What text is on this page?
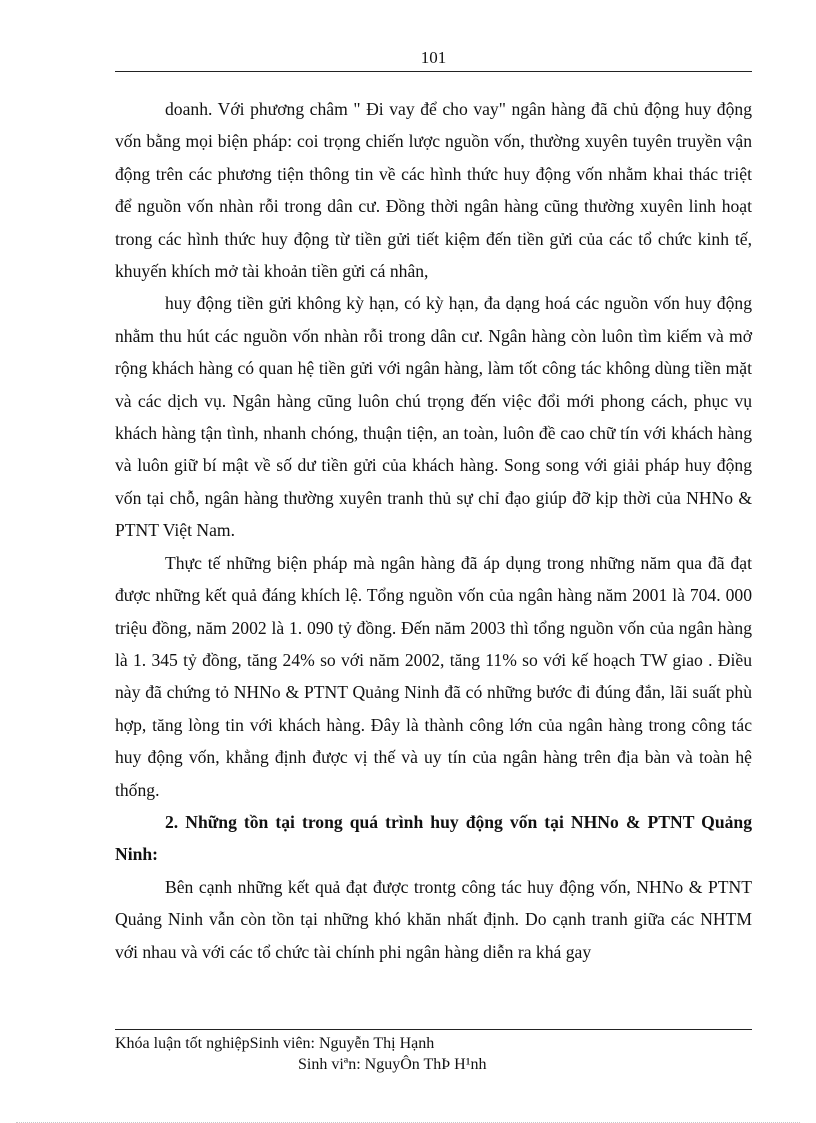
101

doanh. Với phương châm " Đi vay để cho vay" ngân hàng đã chủ động huy động vốn bằng mọi biện pháp: coi trọng chiến lược nguồn vốn, thường xuyên tuyên truyền vận động trên các phương tiện thông tin về các hình thức huy động vốn nhằm khai thác triệt để nguồn vốn nhàn rỗi trong dân cư. Đồng thời ngân hàng cũng thường xuyên linh hoạt trong các hình thức huy động từ tiền gửi tiết kiệm đến tiền gửi của các tổ chức kinh tế, khuyến khích mở tài khoản tiền gửi cá nhân,

huy động tiền gửi không kỳ hạn, có kỳ hạn, đa dạng hoá các nguồn vốn huy động nhằm thu hút các nguồn vốn nhàn rỗi trong dân cư. Ngân hàng còn luôn tìm kiếm và mở rộng khách hàng có quan hệ tiền gửi với ngân hàng, làm tốt công tác không dùng tiền mặt và các dịch vụ. Ngân hàng cũng luôn chú trọng đến việc đổi mới phong cách, phục vụ khách hàng tận tình, nhanh chóng, thuận tiện, an toàn, luôn đề cao chữ tín với khách hàng và luôn giữ bí mật về số dư tiền gửi của khách hàng. Song song với giải pháp huy động vốn tại chỗ, ngân hàng thường xuyên tranh thủ sự chỉ đạo giúp đỡ kịp thời của NHNo & PTNT Việt Nam.

Thực tế những biện pháp mà ngân hàng đã áp dụng trong những năm qua đã đạt được những kết quả đáng khích lệ. Tổng nguồn vốn của ngân hàng năm 2001 là 704. 000 triệu đồng, năm 2002 là 1. 090 tỷ đồng. Đến năm 2003 thì tổng nguồn vốn của ngân hàng là 1. 345 tỷ đồng, tăng 24% so với năm 2002, tăng 11% so với kế hoạch TW giao . Điều này đã chứng tỏ NHNo & PTNT Quảng Ninh đã có những bước đi đúng đắn, lãi suất phù hợp, tăng lòng tin với khách hàng. Đây là thành công lớn của ngân hàng trong công tác huy động vốn, khẳng định được vị thế và uy tín của ngân hàng trên địa bàn và toàn hệ thống.

2. Những tồn tại trong quá trình huy động vốn tại NHNo & PTNT Quảng Ninh:

Bên cạnh những kết quả đạt được trontg công tác huy động vốn, NHNo & PTNT Quảng Ninh vẫn còn tồn tại những khó khăn nhất định. Do cạnh tranh giữa các NHTM với nhau và với các tổ chức tài chính phi ngân hàng diễn ra khá gay

Khóa luận tốt nghiệpSinh viên: Nguyễn Thị Hạnh
Sinh viªn: NguyÔn ThÞ H¹nh
